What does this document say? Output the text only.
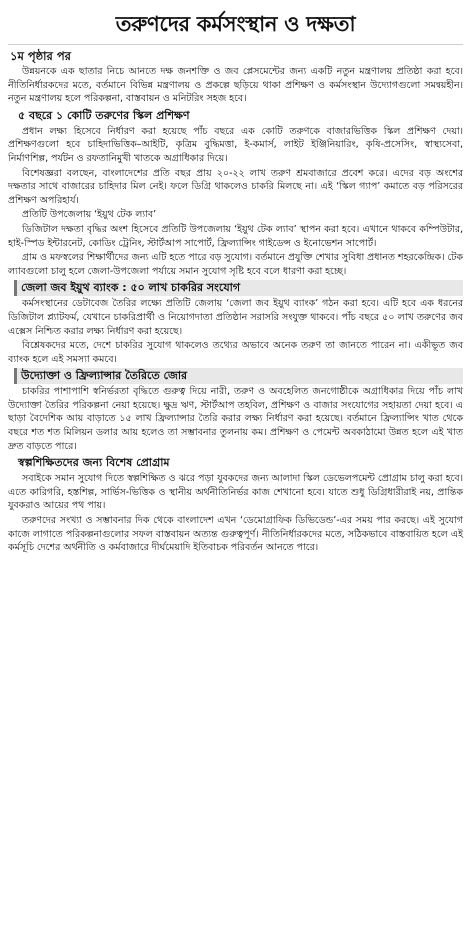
তরুণদের কর্মসংস্থান ও দক্ষতা
১ম পৃষ্ঠার পর

উন্নয়নকে এক ছাতার নিচে আনতে দক্ষ জনশক্তি ও জব প্লেসমেন্টের জন্য একটি নতুন মন্ত্রণালয় প্রতিষ্ঠা করা হবে। নীতিনির্ধারকদের মতে, বর্তমানে বিভিন্ন মন্ত্রণালয় ও প্রকল্পে ছড়িয়ে থাকা প্রশিক্ষণ ও কর্মসংস্থান উদ্যোগগুলো সমন্বয়হীন। নতুন মন্ত্রণালয় হলে পরিকল্পনা, বাস্তবায়ন ও মনিটরিং সহজ হবে।

৫ বছরে ১ কোটি তরুণের স্কিল প্রশিক্ষণ

প্রধান লক্ষ্য হিসেবে নির্ধারণ করা হয়েছে পাঁচ বছরে এক কোটি তরুণকে বাজারভিত্তিক স্কিল প্রশিক্ষণ দেয়া। প্রশিক্ষণগুলো হবে চাহিদাভিত্তিক–আইটি, কৃত্রিম বুদ্ধিমত্তা, ই-কমার্স, লাইট ইঞ্জিনিয়ারিং, কৃষি-প্রসেসিং, স্বাস্থ্যসেবা, নির্মাণশিল্প, পর্যটন ও রফতানিমুখী খাতকে অগ্রাধিকার দিয়ে।

বিশেষজ্ঞরা বলছেন, বাংলাদেশের প্রতি বছর প্রায় ২০-২২ লাখ তরুণ শ্রমবাজারে প্রবেশ করে। এদের বড় অংশের দক্ষতার সাথে বাজারের চাহিদার মিল নেই। ফলে ডিগ্রি থাকলেও চাকরি মিলছে না। এই ‘স্কিল গ্যাপ’ কমাতে বড় পরিসরের প্রশিক্ষণ অপরিহার্য।

প্রতিটি উপজেলায় ‘ইয়ুথ টেক ল্যাব’

ডিজিটাল দক্ষতা বৃদ্ধির অংশ হিসেবে প্রতিটি উপজেলায় ‘ইয়ুথ টেক ল্যাব’ স্থাপন করা হবে। এখানে থাকবে কম্পিউটার, হাই-স্পিড ইন্টারনেট, কোডিং ট্রেনিং, স্টার্টআপ সাপোর্ট, ফ্রিল্যান্সিং গাইডেন্স ও ইনোভেশন সাপোর্ট।

গ্রাম ও মফস্বলের শিক্ষার্থীদের জন্য এটি হতে পারে বড় সুযোগ। বর্তমানে প্রযুক্তি শেখার সুবিধা প্রধানত শহরকেন্দ্রিক। টেক ল্যাবগুলো চালু হলে জেলা-উপজেলা পর্যায়ে সমান সুযোগ সৃষ্টি হবে বলে ধারণা করা হচ্ছে।

জেলা জব ইয়ুথ ব্যাংক : ৫০ লাখ চাকরির সংযোগ

কর্মসংস্থানের ডেটাবেজ তৈরির লক্ষ্যে প্রতিটি জেলায় ‘জেলা জব ইয়ুথ ব্যাংক’ গঠন করা হবে। এটি হবে এক ধরনের ডিজিটাল প্ল্যাটফর্ম, যেখানে চাকরিপ্রার্থী ও নিয়োগদাতা প্রতিষ্ঠান সরাসরি সংযুক্ত থাকবে। পাঁচ বছরে ৫০ লাখ তরুণের জব এক্সেস নিশ্চিত করার লক্ষ্য নির্ধারণ করা হয়েছে।

বিশ্লেষকদের মতে, দেশে চাকরির সুযোগ থাকলেও তথ্যের অভাবে অনেক তরুণ তা জানতে পারেন না। একীভূত জব ব্যাংক হলে এই সমস্যা কমবে।

উদ্যোক্তা ও ফ্রিল্যান্সার তৈরিতে জোর

চাকরির পাশাপাশি স্বনির্ভরতা বৃদ্ধিতে গুরুত্ব দিয়ে নারী, তরুণ ও অবহেলিত জনগোষ্ঠীকে অগ্রাধিকার দিয়ে পাঁচ লাখ উদ্যোক্তা তৈরির পরিকল্পনা নেয়া হয়েছে। ক্ষুদ্র ঋণ, স্টার্টআপ তহবিল, প্রশিক্ষণ ও বাজার সংযোগের সহায়তা দেয়া হবে। এ ছাড়া বৈদেশিক আয় বাড়াতে ১৫ লাখ ফ্রিল্যান্সার তৈরি করার লক্ষ্য নির্ধারণ করা হয়েছে। বর্তমানে ফ্রিল্যান্সিং খাত থেকে বছরে শত শত মিলিয়ন ডলার আয় হলেও তা সম্ভাবনার তুলনায় কম। প্রশিক্ষণ ও পেমেন্ট অবকাঠামো উন্নত হলে এই খাত দ্রুত বাড়তে পারে।

স্বল্পশিক্ষিতদের জন্য বিশেষ প্রোগ্রাম

সবাইকে সমান সুযোগ দিতে স্বল্পশিক্ষিত ও ঝরে পড়া যুবকদের জন্য আলাদা স্কিল ডেভেলপমেন্ট প্রোগ্রাম চালু করা হবে। এতে কারিগরি, হস্তশিল্প, সার্ভিস-ভিত্তিক ও স্থানীয় অর্থনীতিনির্ভর কাজ শেখানো হবে। যাতে শুধু ডিগ্রিধারীরাই নয়, প্রান্তিক যুবকরাও আয়ের পথ পায়।

তরুণদের সংখ্যা ও সম্ভাবনার দিক থেকে বাংলাদেশ এখন ‘ডেমোগ্রাফিক ডিভিডেন্ড’-এর সময় পার করছে। এই সুযোগ কাজে লাগাতে পরিকল্পনাগুলোর সফল বাস্তবায়ন অত্যন্ত গুরুত্বপূর্ণ। নীতিনির্ধারকদের মতে, সঠিকভাবে বাস্তবায়িত হলে এই কর্মসূচি দেশের অর্থনীতি ও কর্মবাজারে দীর্ঘমেয়াদি ইতিবাচক পরিবর্তন আনতে পারে।
